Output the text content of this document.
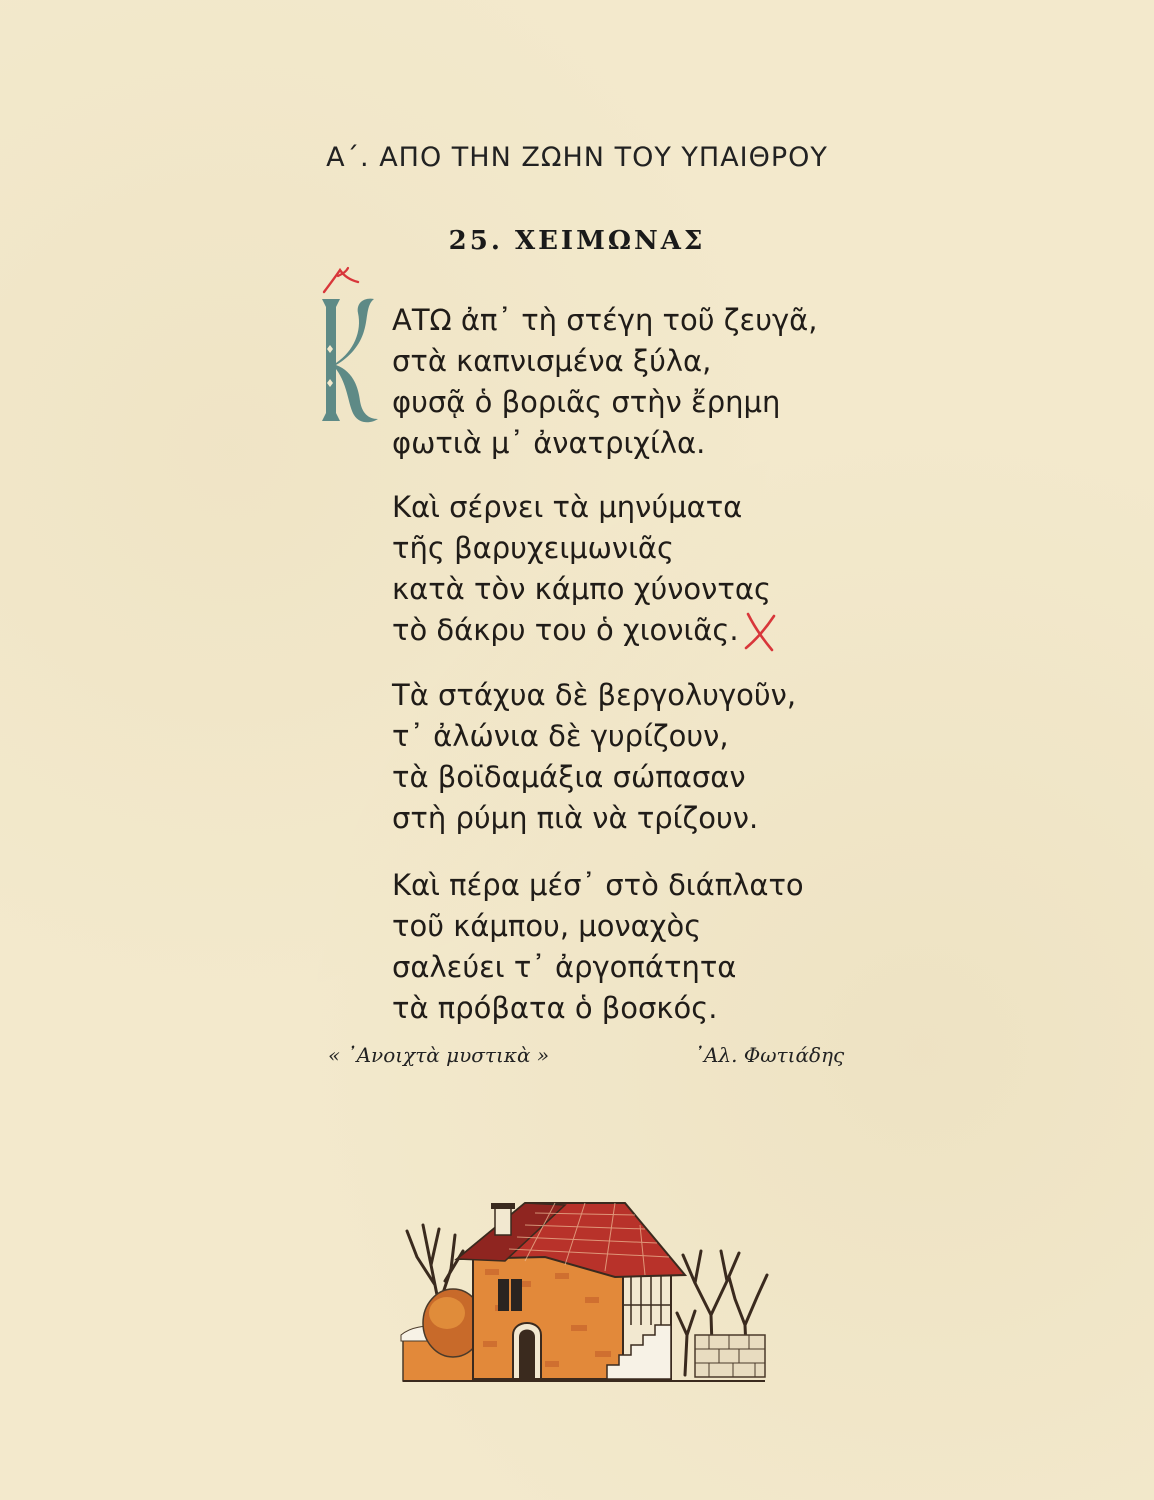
Α΄. ΑΠΟ ΤΗΝ ΖΩΗΝ ΤΟΥ ΥΠΑΙΘΡΟΥ
25. ΧΕΙΜΩΝΑΣ
ΑΤΩ ἀπ᾽ τὴ στέγη τοῦ ζευγᾶ,
στὰ καπνισμένα ξύλα,
φυσᾷ ὁ βοριᾶς στὴν ἔρημη
φωτιὰ μ᾽ ἀνατριχίλα.
Καὶ σέρνει τὰ μηνύματα
τῆς βαρυχειμωνιᾶς
κατὰ τὸν κάμπο χύνοντας
τὸ δάκρυ του ὁ χιονιᾶς.
Τὰ στάχυα δὲ βεργολυγοῦν,
τ᾽ ἀλώνια δὲ γυρίζουν,
τὰ βοϊδαμάξια σώπασαν
στὴ ρύμη πιὰ νὰ τρίζουν.
Καὶ πέρα μέσ᾽ στὸ διάπλατο
τοῦ κάμπου, μοναχὸς
σαλεύει τ᾽ ἀργοπάτητα
τὰ πρόβατα ὁ βοσκός.
« ᾽Ανοιχτὰ μυστικὰ »	᾽Αλ. Φωτιάδης
